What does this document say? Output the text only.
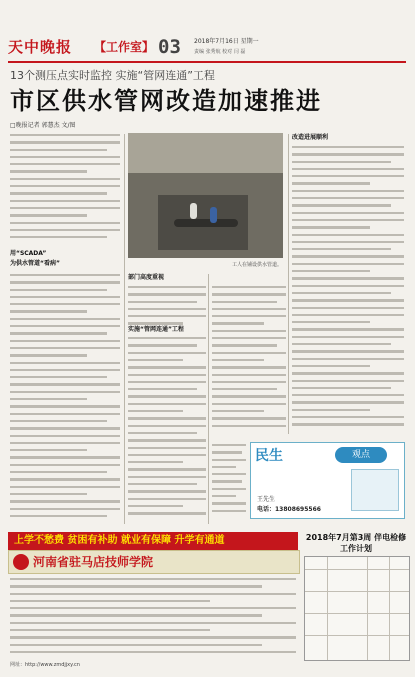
天中晚报	【工作室】 03	2018年7月16日 星期一
责编 张秀航 校对 闫 磊
13个测压点实时监控 实施“管网连通”工程
市区供水管网改造加速推进
□晚报记者 郭慧杰 文/图
用“SCADA”
为供水管道“看病”	工人在铺设供水管道。
改造进展顺利
部门高度重视
实施“管网连通”工程
民生	观点
王先生
电话：13808695566
上学不愁费 贫困有补助 就业有保障 升学有通道
河南省驻马店技师学院
网址：http://www.zmdjjxy.cn
2018年7月第3周 伴电检修工作计划
